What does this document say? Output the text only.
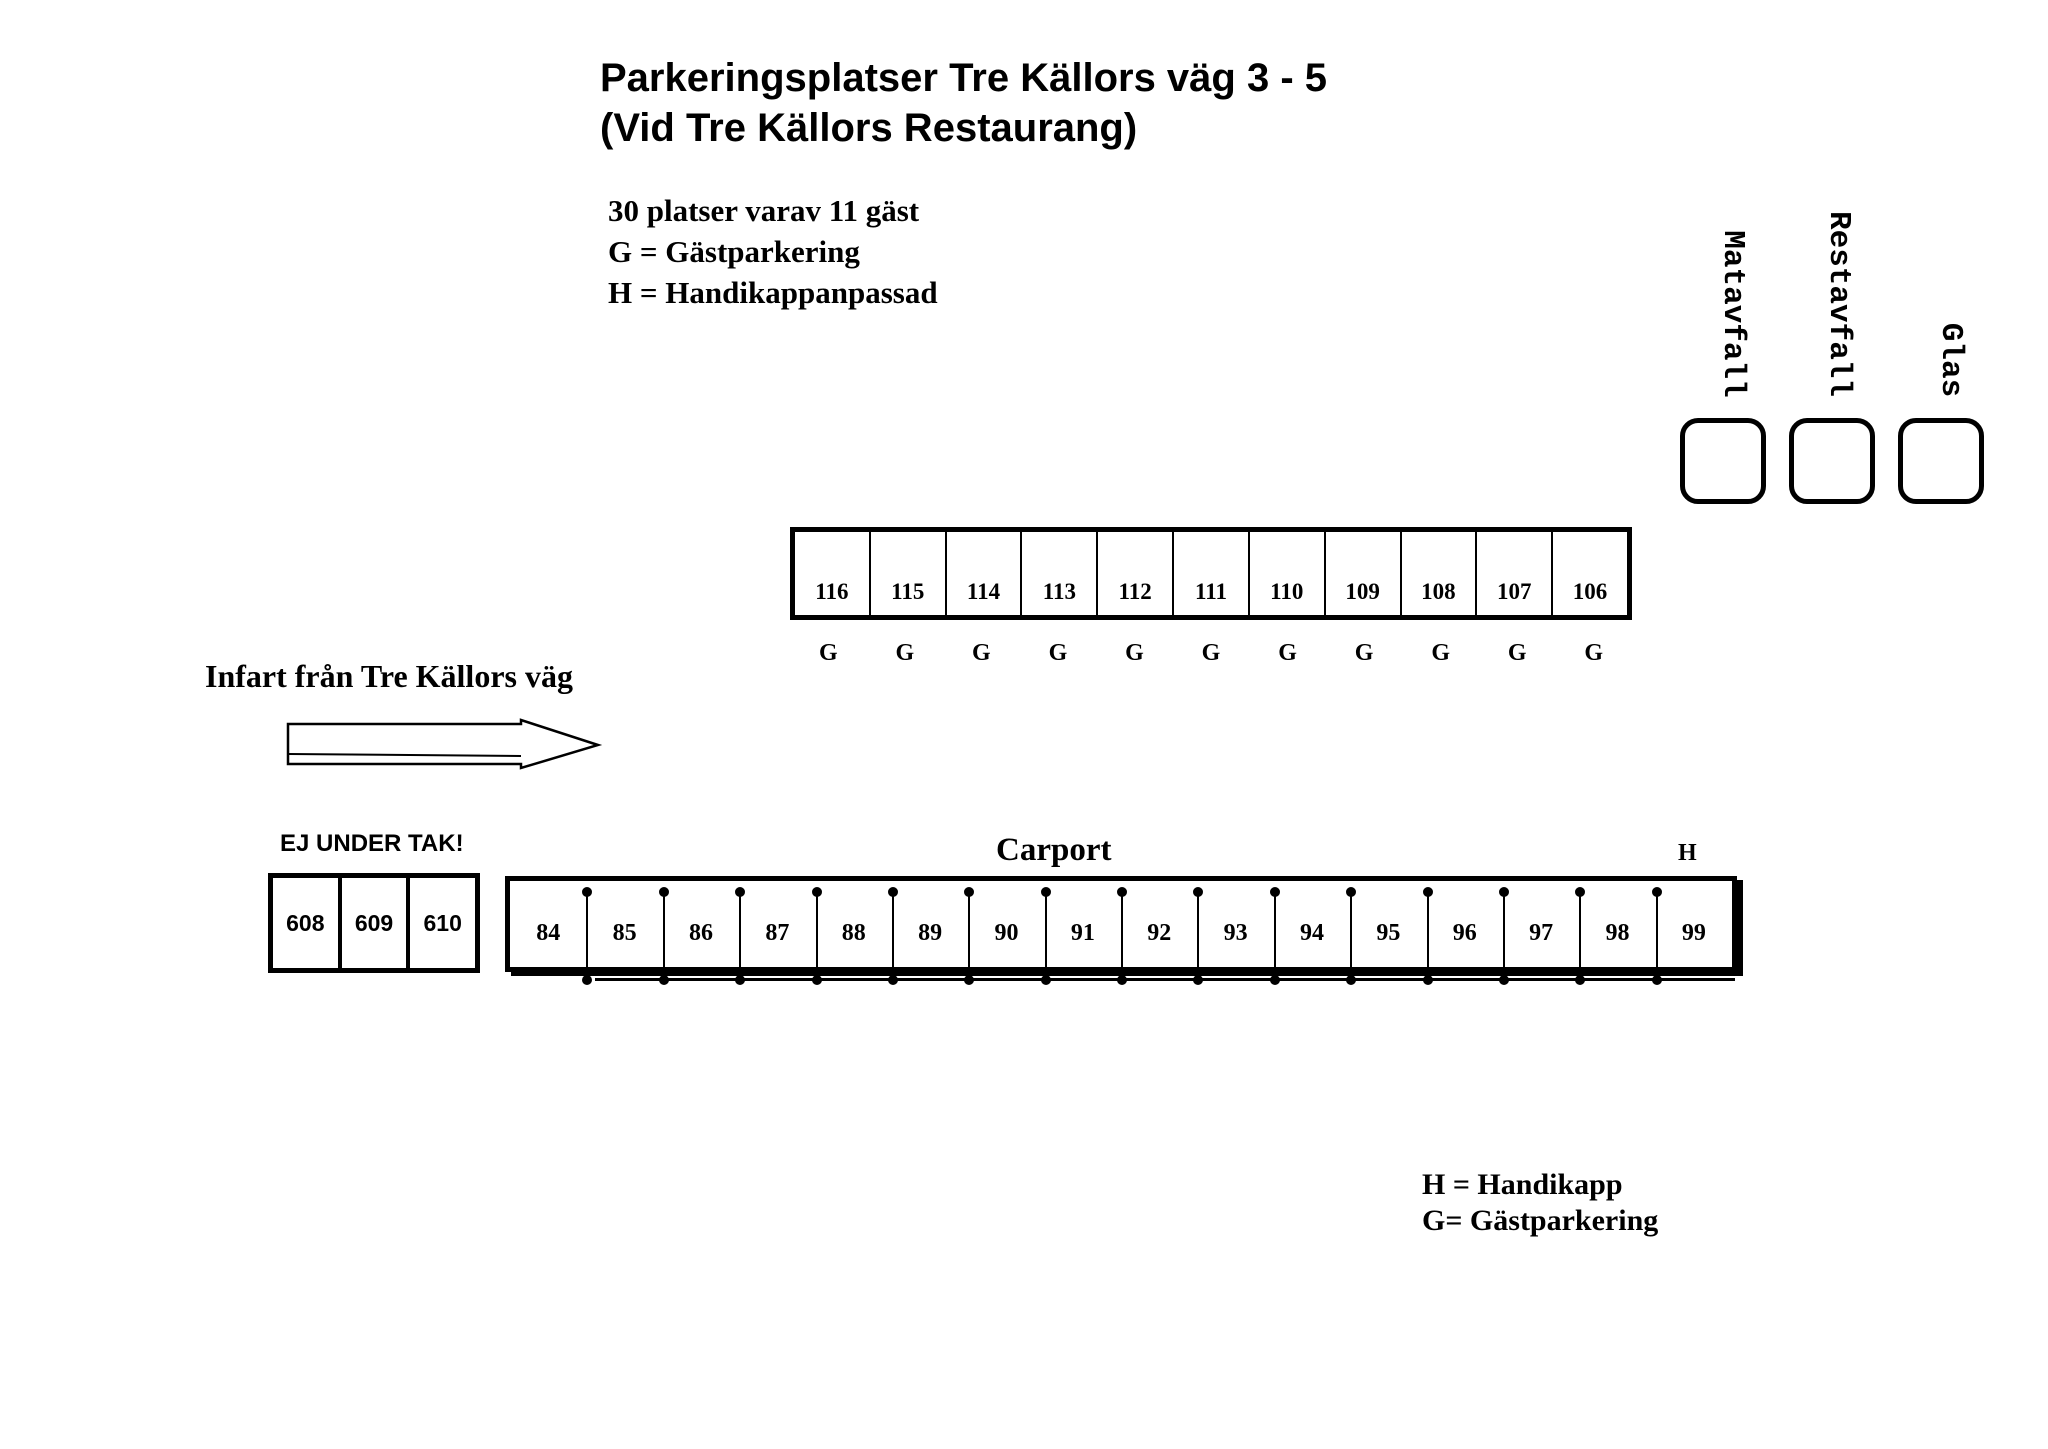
Parkeringsplatser Tre Källors väg 3 - 5
(Vid Tre Källors Restaurang)
30 platser varav 11 gäst
G = Gästparkering
H = Handikappanpassad	Matavfall Restavfall Glas
116	115	114	113	112	111	110	109	108	107	106
G	G	G	G	G	G	G	G	G	G	G
Infart från Tre Källors väg
EJ UNDER TAK!
608	609	610
Carport	H
84	85	86	87	88	89	90	91	92	93	94	95	96	97	98	99
H = Handikapp
G= Gästparkering
